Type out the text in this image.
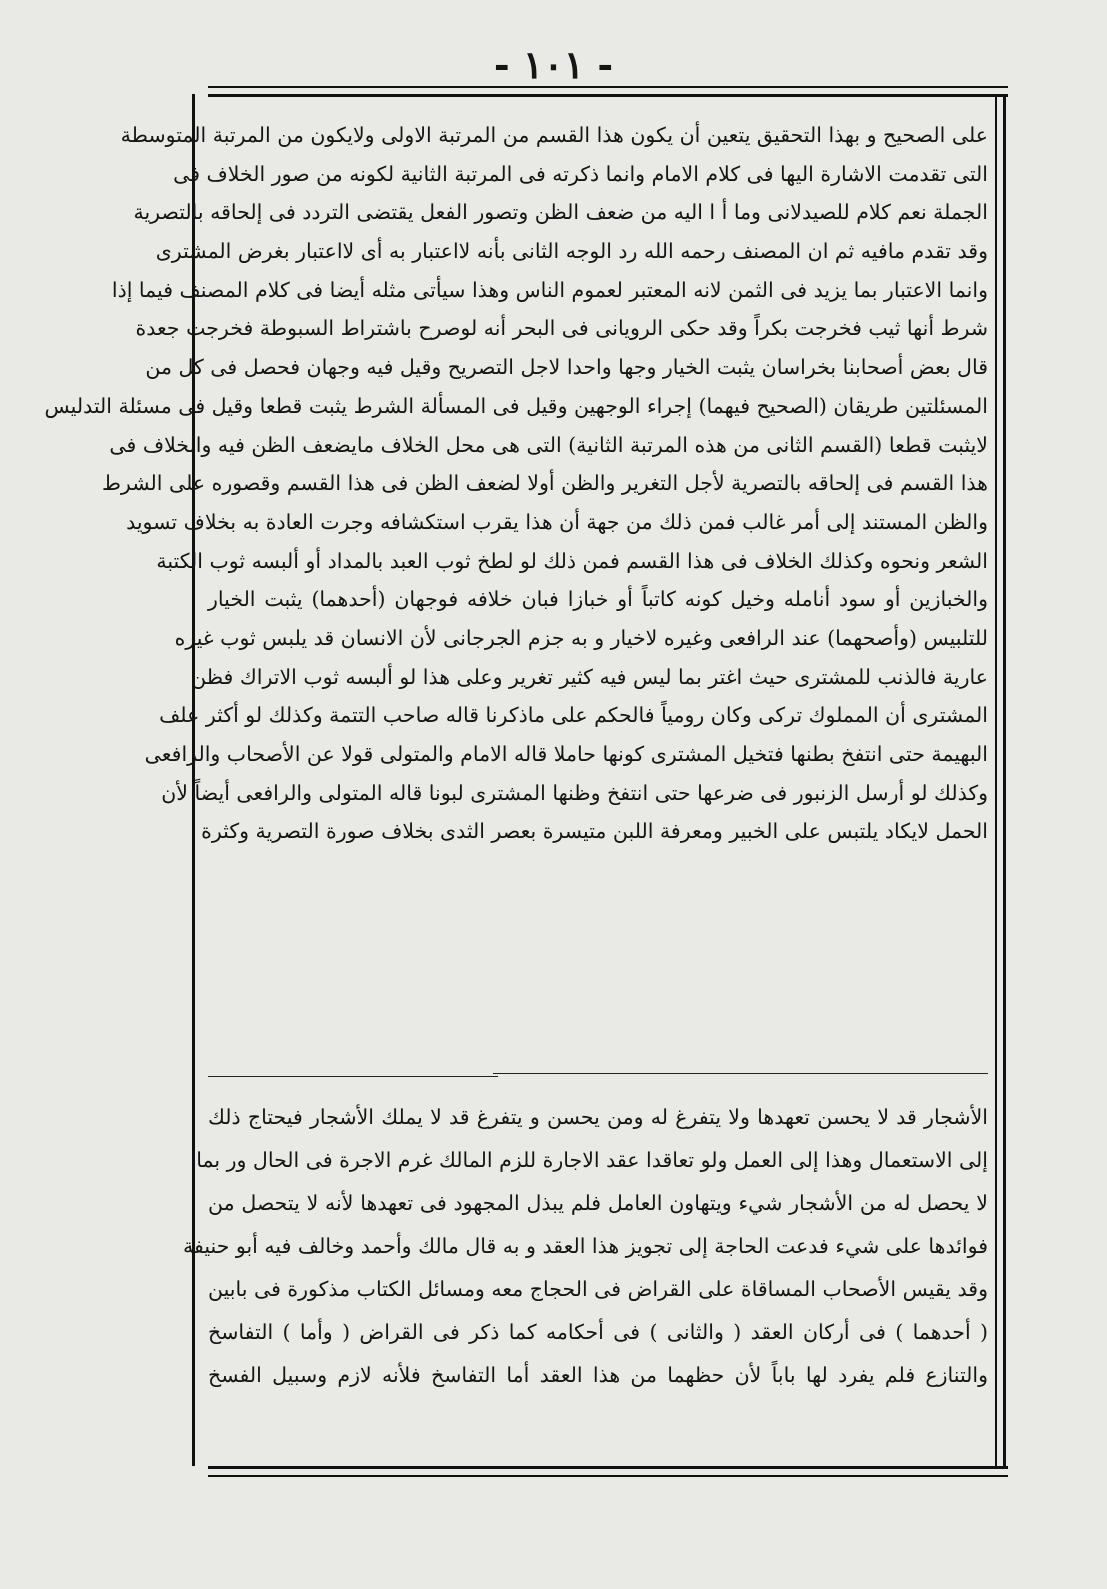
- ١٠١ -
على الصحيح و بهذا التحقيق يتعين أن يكون هذا القسم من المرتبة الاولى ولايكون من المرتبة المتوسطة
التى تقدمت الاشارة اليها فى كلام الامام وانما ذكرته فى المرتبة الثانية لكونه من صور الخلاف فى
الجملة نعم كلام للصيدلانى وما أ ا اليه من ضعف الظن وتصور الفعل يقتضى التردد فى إلحاقه بالتصرية
وقد تقدم مافيه ثم ان المصنف رحمه الله رد الوجه الثانى بأنه لااعتبار به أى لااعتبار بغرض المشترى
وانما الاعتبار بما يزيد فى الثمن لانه المعتبر لعموم الناس وهذا سيأتى مثله أيضا فى كلام المصنف فيما إذا
شرط أنها ثيب فخرجت بكراً وقد حكى الرويانى فى البحر أنه لوصرح باشتراط السبوطة فخرجت جعدة
قال بعض أصحابنا بخراسان يثبت الخيار وجها واحدا لاجل التصريح وقيل فيه وجهان فحصل فى كل من
المسئلتين طريقان (الصحيح فيهما) إجراء الوجهين وقيل فى المسألة الشرط يثبت قطعا وقيل فى مسئلة التدليس
لايثبت قطعا (القسم الثانى من هذه المرتبة الثانية) التى هى محل الخلاف مايضعف الظن فيه والخلاف فى
هذا القسم فى إلحاقه بالتصرية لأجل التغرير والظن أولا لضعف الظن فى هذا القسم وقصوره على الشرط
والظن المستند إلى أمر غالب فمن ذلك من جهة أن هذا يقرب استكشافه وجرت العادة به بخلاف تسويد
الشعر ونحوه وكذلك الخلاف فى هذا القسم فمن ذلك لو لطخ ثوب العبد بالمداد أو ألبسه ثوب الكتبة
والخبازين أو سود أنامله وخيل كونه كاتباً أو خبازا فبان خلافه فوجهان (أحدهما) يثبت الخيار
للتلبيس (وأصحهما) عند الرافعى وغيره لاخيار و به جزم الجرجانى لأن الانسان قد يلبس ثوب غيره
عارية فالذنب للمشترى حيث اغتر بما ليس فيه كثير تغرير وعلى هذا لو ألبسه ثوب الاتراك فظن
المشترى أن المملوك تركى وكان رومياً فالحكم على ماذكرنا قاله صاحب التتمة وكذلك لو أكثر علف
البهيمة حتى انتفخ بطنها فتخيل المشترى كونها حاملا قاله الامام والمتولى قولا عن الأصحاب والرافعى
وكذلك لو أرسل الزنبور فى ضرعها حتى انتفخ وظنها المشترى لبونا قاله المتولى والرافعى أيضاً لأن
الحمل لايكاد يلتبس على الخبير ومعرفة اللبن متيسرة بعصر الثدى بخلاف صورة التصرية وكثرة
الأشجار قد لا يحسن تعهدها ولا يتفرغ له ومن يحسن و يتفرغ قد لا يملك الأشجار فيحتاج ذلك
إلى الاستعمال وهذا إلى العمل ولو تعاقدا عقد الاجارة للزم المالك غرم الاجرة فى الحال ور بما
لا يحصل له من الأشجار شيء ويتهاون العامل فلم يبذل المجهود فى تعهدها لأنه لا يتحصل من
فوائدها على شيء فدعت الحاجة إلى تجويز هذا العقد و به قال مالك وأحمد وخالف فيه أبو حنيفة
وقد يقيس الأصحاب المساقاة على القراض فى الحجاج معه ومسائل الكتاب مذكورة فى بابين
( أحدهما ) فى أركان العقد ( والثانى ) فى أحكامه كما ذكر فى القراض ( وأما ) التفاسخ
والتنازع فلم يفرد لها باباً لأن حظهما من هذا العقد أما التفاسخ فلأنه لازم وسبيل الفسخ
